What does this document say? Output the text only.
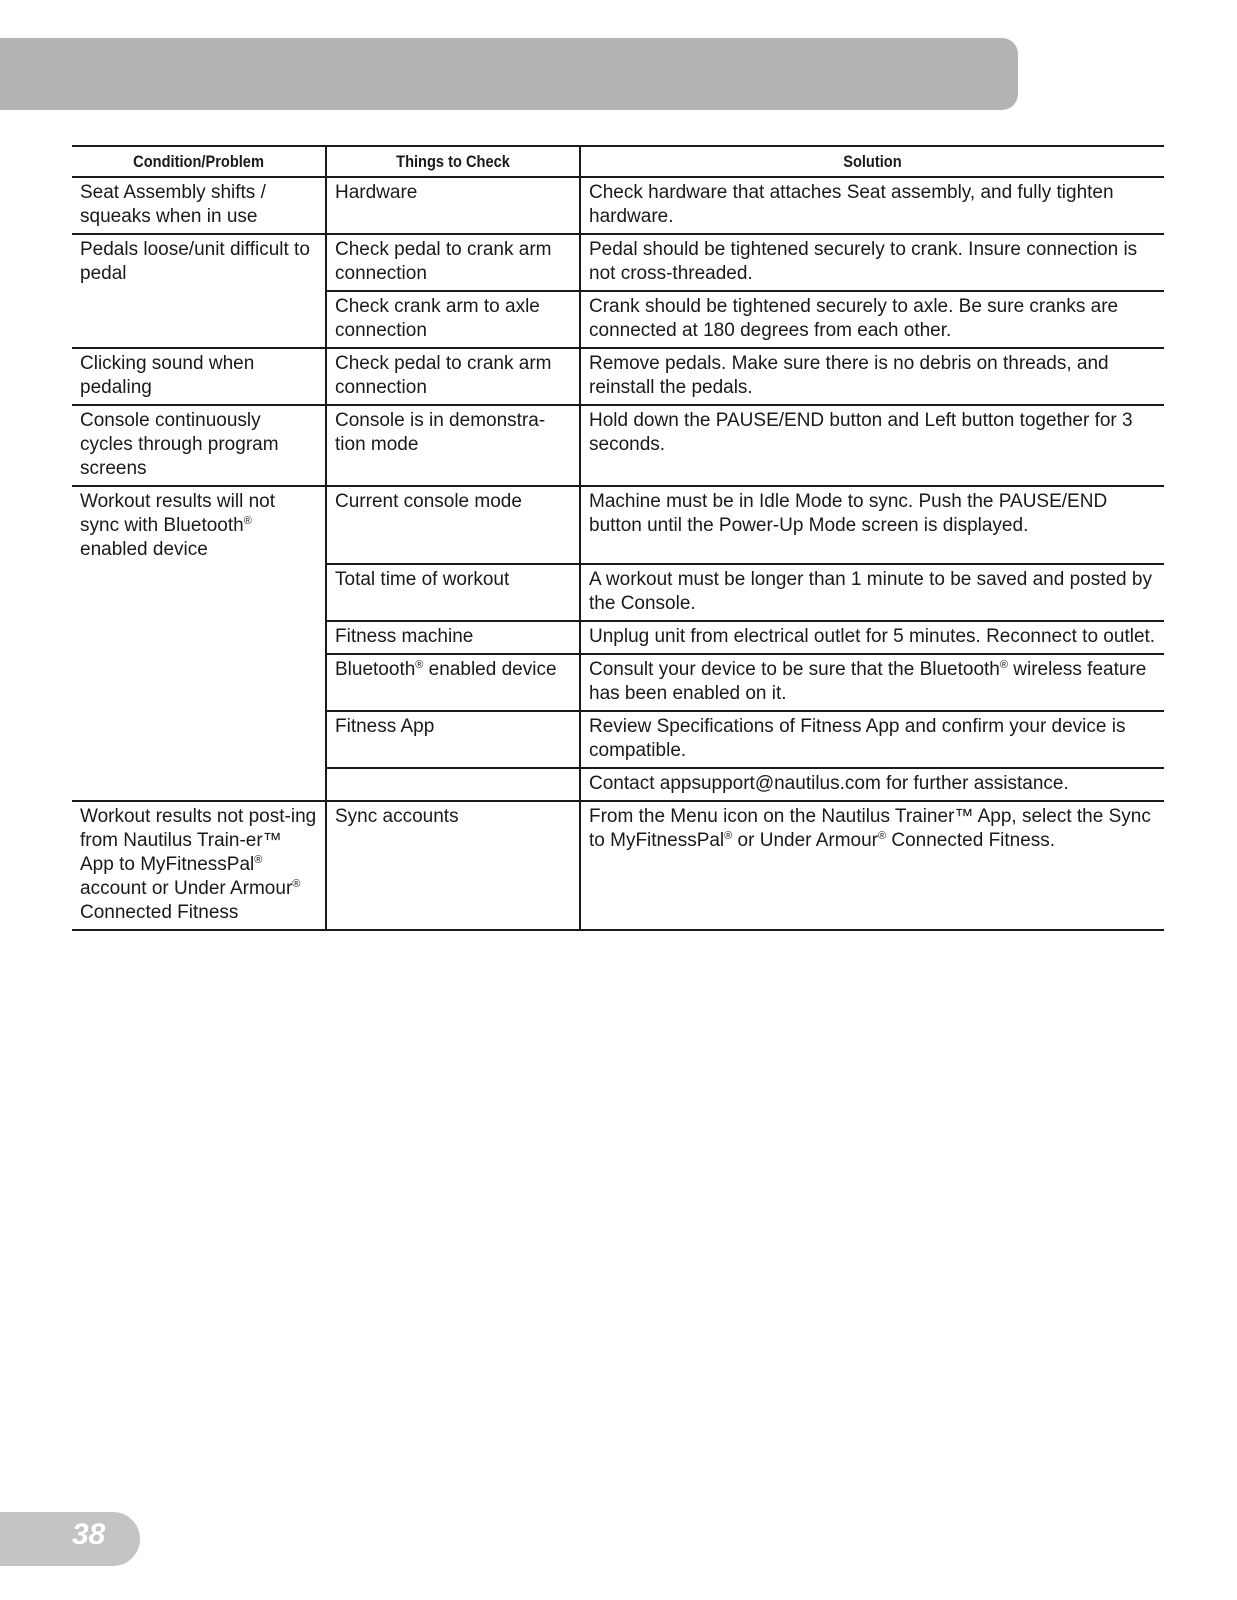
Condition/Problem	Things to Check	Solution
Seat Assembly shifts / squeaks when in use	Hardware	Check hardware that attaches Seat assembly, and fully tighten hardware.
Pedals loose/unit difficult to pedal	Check pedal to crank arm connection	Pedal should be tightened securely to crank. Insure connection is not cross-threaded.
	Check crank arm to axle connection	Crank should be tightened securely to axle. Be sure cranks are connected at 180 degrees from each other.
Clicking sound when pedaling	Check pedal to crank arm connection	Remove pedals. Make sure there is no debris on threads, and reinstall the pedals.
Console continuously cycles through program screens	Console is in demonstra-tion mode	Hold down the PAUSE/END button and Left button together for 3 seconds.
Workout results will not sync with Bluetooth® enabled device	Current console mode	Machine must be in Idle Mode to sync. Push the PAUSE/END button until the Power-Up Mode screen is displayed.
	Total time of workout	A workout must be longer than 1 minute to be saved and posted by the Console.
	Fitness machine	Unplug unit from electrical outlet for 5 minutes. Reconnect to outlet.
	Bluetooth® enabled device	Consult your device to be sure that the Bluetooth® wireless feature has been enabled on it.
	Fitness App	Review Specifications of Fitness App and confirm your device is compatible.
		Contact appsupport@nautilus.com for further assistance.
Workout results not post-ing from Nautilus Train-er™ App to MyFitnessPal® account or Under Armour® Connected Fitness	Sync accounts	From the Menu icon on the Nautilus Trainer™ App, select the Sync to MyFitnessPal® or Under Armour® Connected Fitness.
38
